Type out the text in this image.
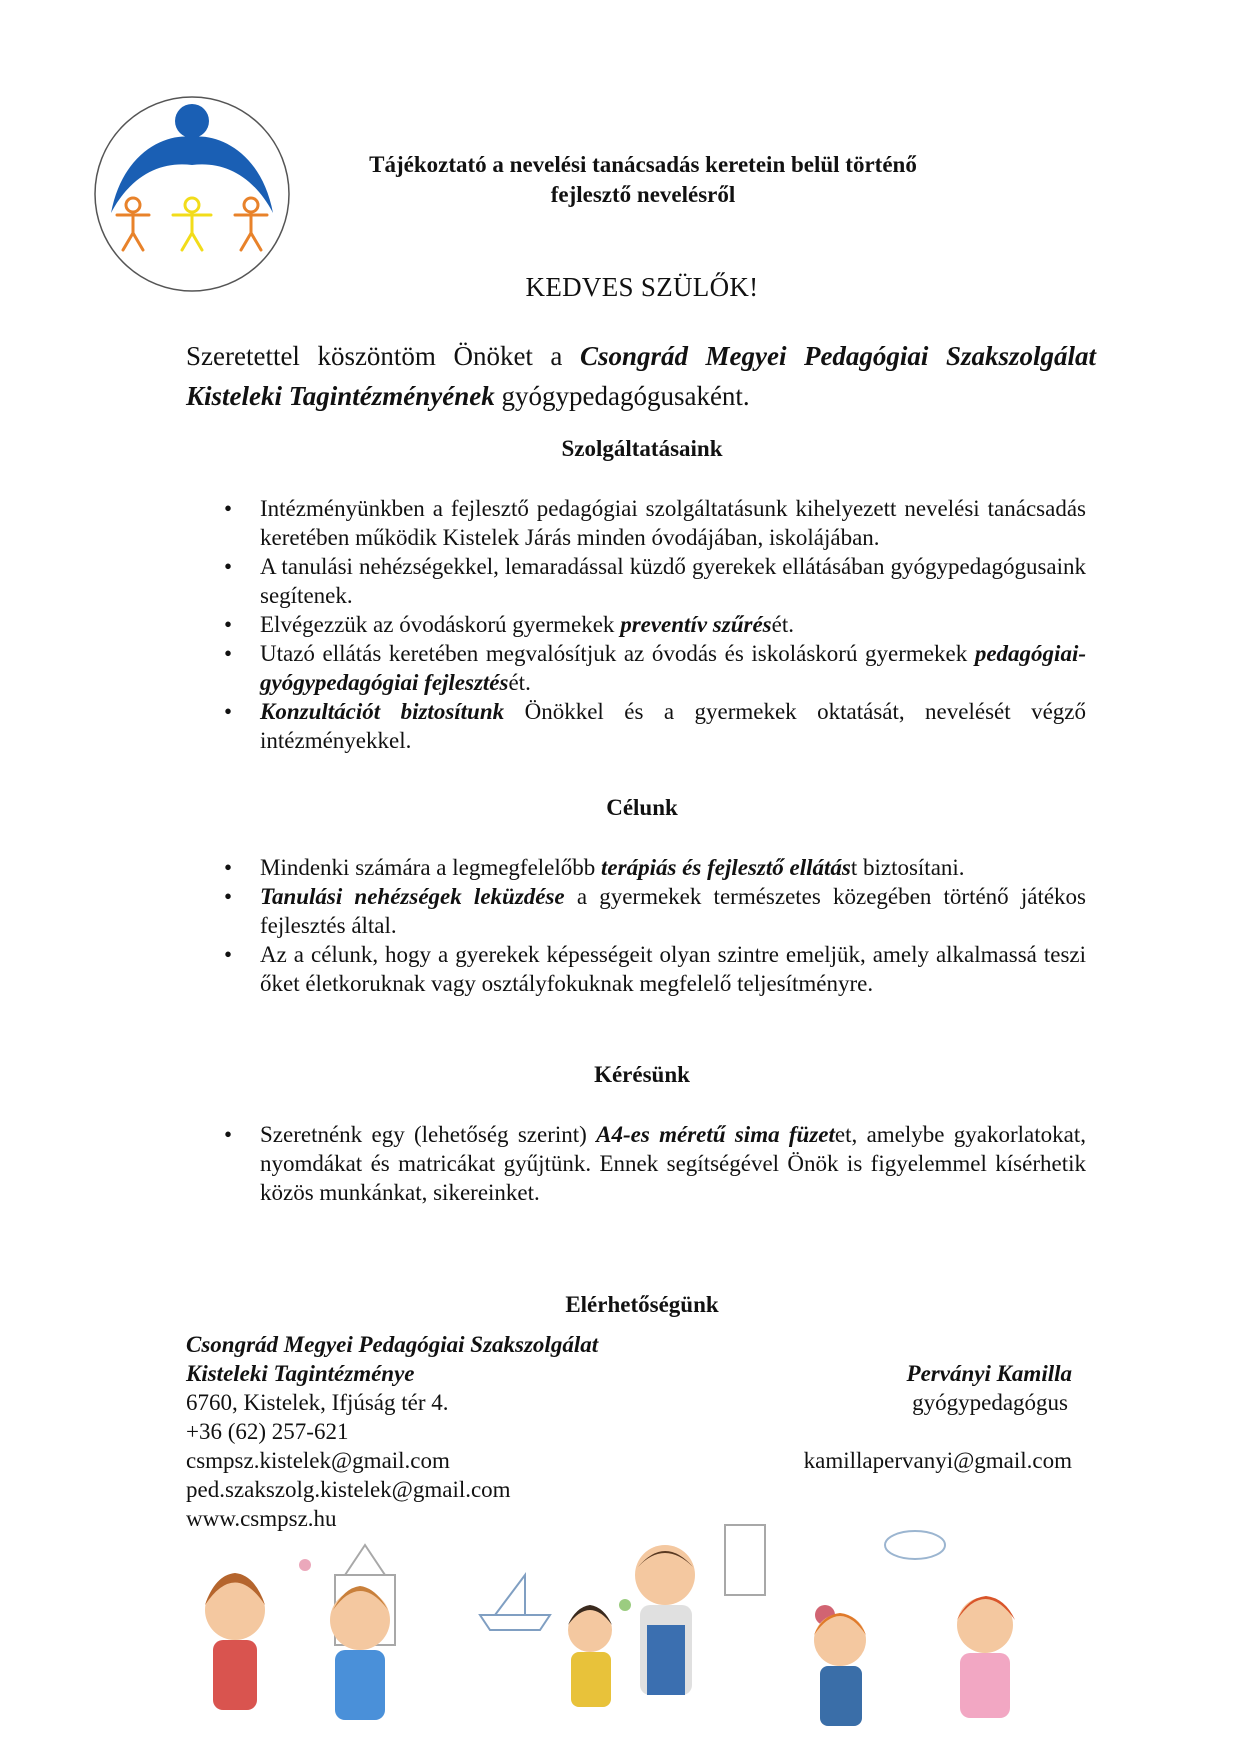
Tájékoztató a nevelési tanácsadás keretein belül történő
fejlesztő nevelésről
KEDVES SZÜLŐK!
Szeretettel köszöntöm Önöket a Csongrád Megyei Pedagógiai Szakszolgálat Kisteleki Tagintézményének gyógypedagógusaként.
Szolgáltatásaink
• Intézményünkben a fejlesztő pedagógiai szolgáltatásunk kihelyezett nevelési tanácsadás keretében működik Kistelek Járás minden óvodájában, iskolájában.
• A tanulási nehézségekkel, lemaradással küzdő gyerekek ellátásában gyógypedagógusaink segítenek.
• Elvégezzük az óvodáskorú gyermekek preventív szűrését.
• Utazó ellátás keretében megvalósítjuk az óvodás és iskoláskorú gyermekek pedagógiai-gyógypedagógiai fejlesztését.
• Konzultációt biztosítunk Önökkel és a gyermekek oktatását, nevelését végző intézményekkel.
Célunk
• Mindenki számára a legmegfelelőbb terápiás és fejlesztő ellátást biztosítani.
• Tanulási nehézségek leküzdése a gyermekek természetes közegében történő játékos fejlesztés által.
• Az a célunk, hogy a gyerekek képességeit olyan szintre emeljük, amely alkalmassá teszi őket életkoruknak vagy osztályfokuknak megfelelő teljesítményre.
Kérésünk
• Szeretnénk egy (lehetőség szerint) A4-es méretű sima füzetet, amelybe gyakorlatokat, nyomdákat és matricákat gyűjtünk. Ennek segítségével Önök is figyelemmel kísérhetik közös munkánkat, sikereinket.
Elérhetőségünk
Csongrád Megyei Pedagógiai Szakszolgálat
Kisteleki Tagintézménye
6760, Kistelek, Ifjúság tér 4.
+36 (62) 257-621
csmpsz.kistelek@gmail.com
ped.szakszolg.kistelek@gmail.com
www.csmpsz.hu
Perványi Kamilla
gyógypedagógus
kamillapervanyi@gmail.com
